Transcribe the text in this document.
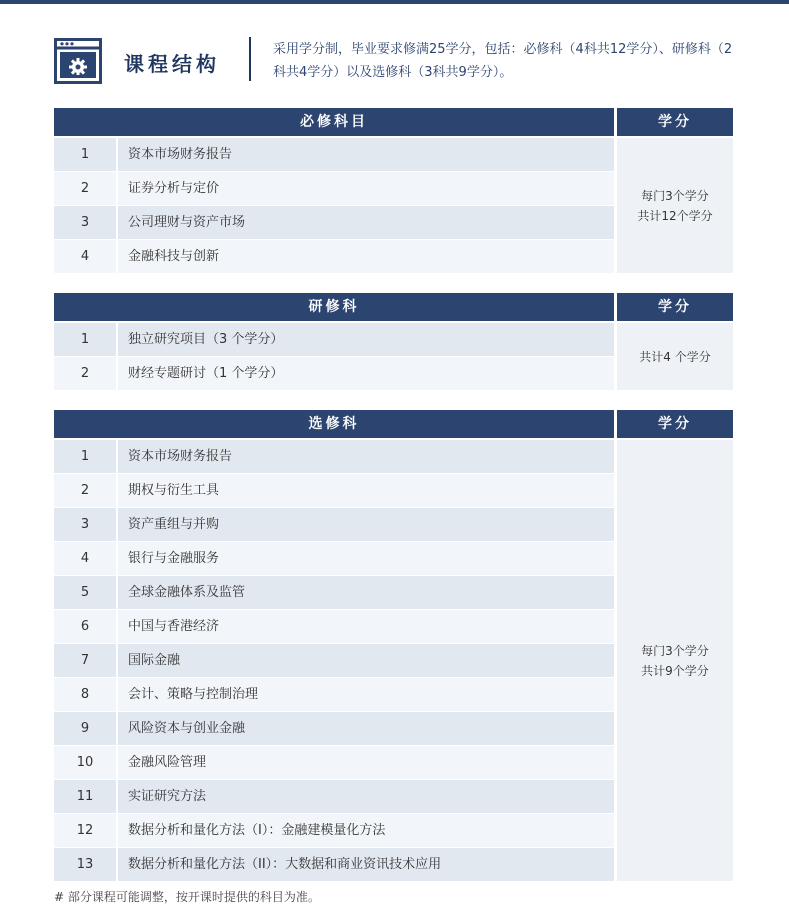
课程结构
采用学分制，毕业要求修满25学分，包括：必修科（4科共12学分）、研修科（2科共4学分）以及选修科（3科共9学分）。
必修科目	学分
1	资本市场财务报告
2	证券分析与定价
3	公司理财与资产市场
4	金融科技与创新
每门3个学分
共计12个学分
研修科	学分
1	独立研究项目（3 个学分）
2	财经专题研讨（1 个学分）
共计4 个学分
选修科	学分
1	资本市场财务报告
2	期权与衍生工具
3	资产重组与并购
4	银行与金融服务
5	全球金融体系及监管
6	中国与香港经济
7	国际金融
8	会计、策略与控制治理
9	风险资本与创业金融
10	金融风险管理
11	实证研究方法
12	数据分析和量化方法（I）：金融建模量化方法
13	数据分析和量化方法（II）：大数据和商业资讯技术应用
每门3个学分
共计9个学分
# 部分课程可能调整，按开课时提供的科目为准。
